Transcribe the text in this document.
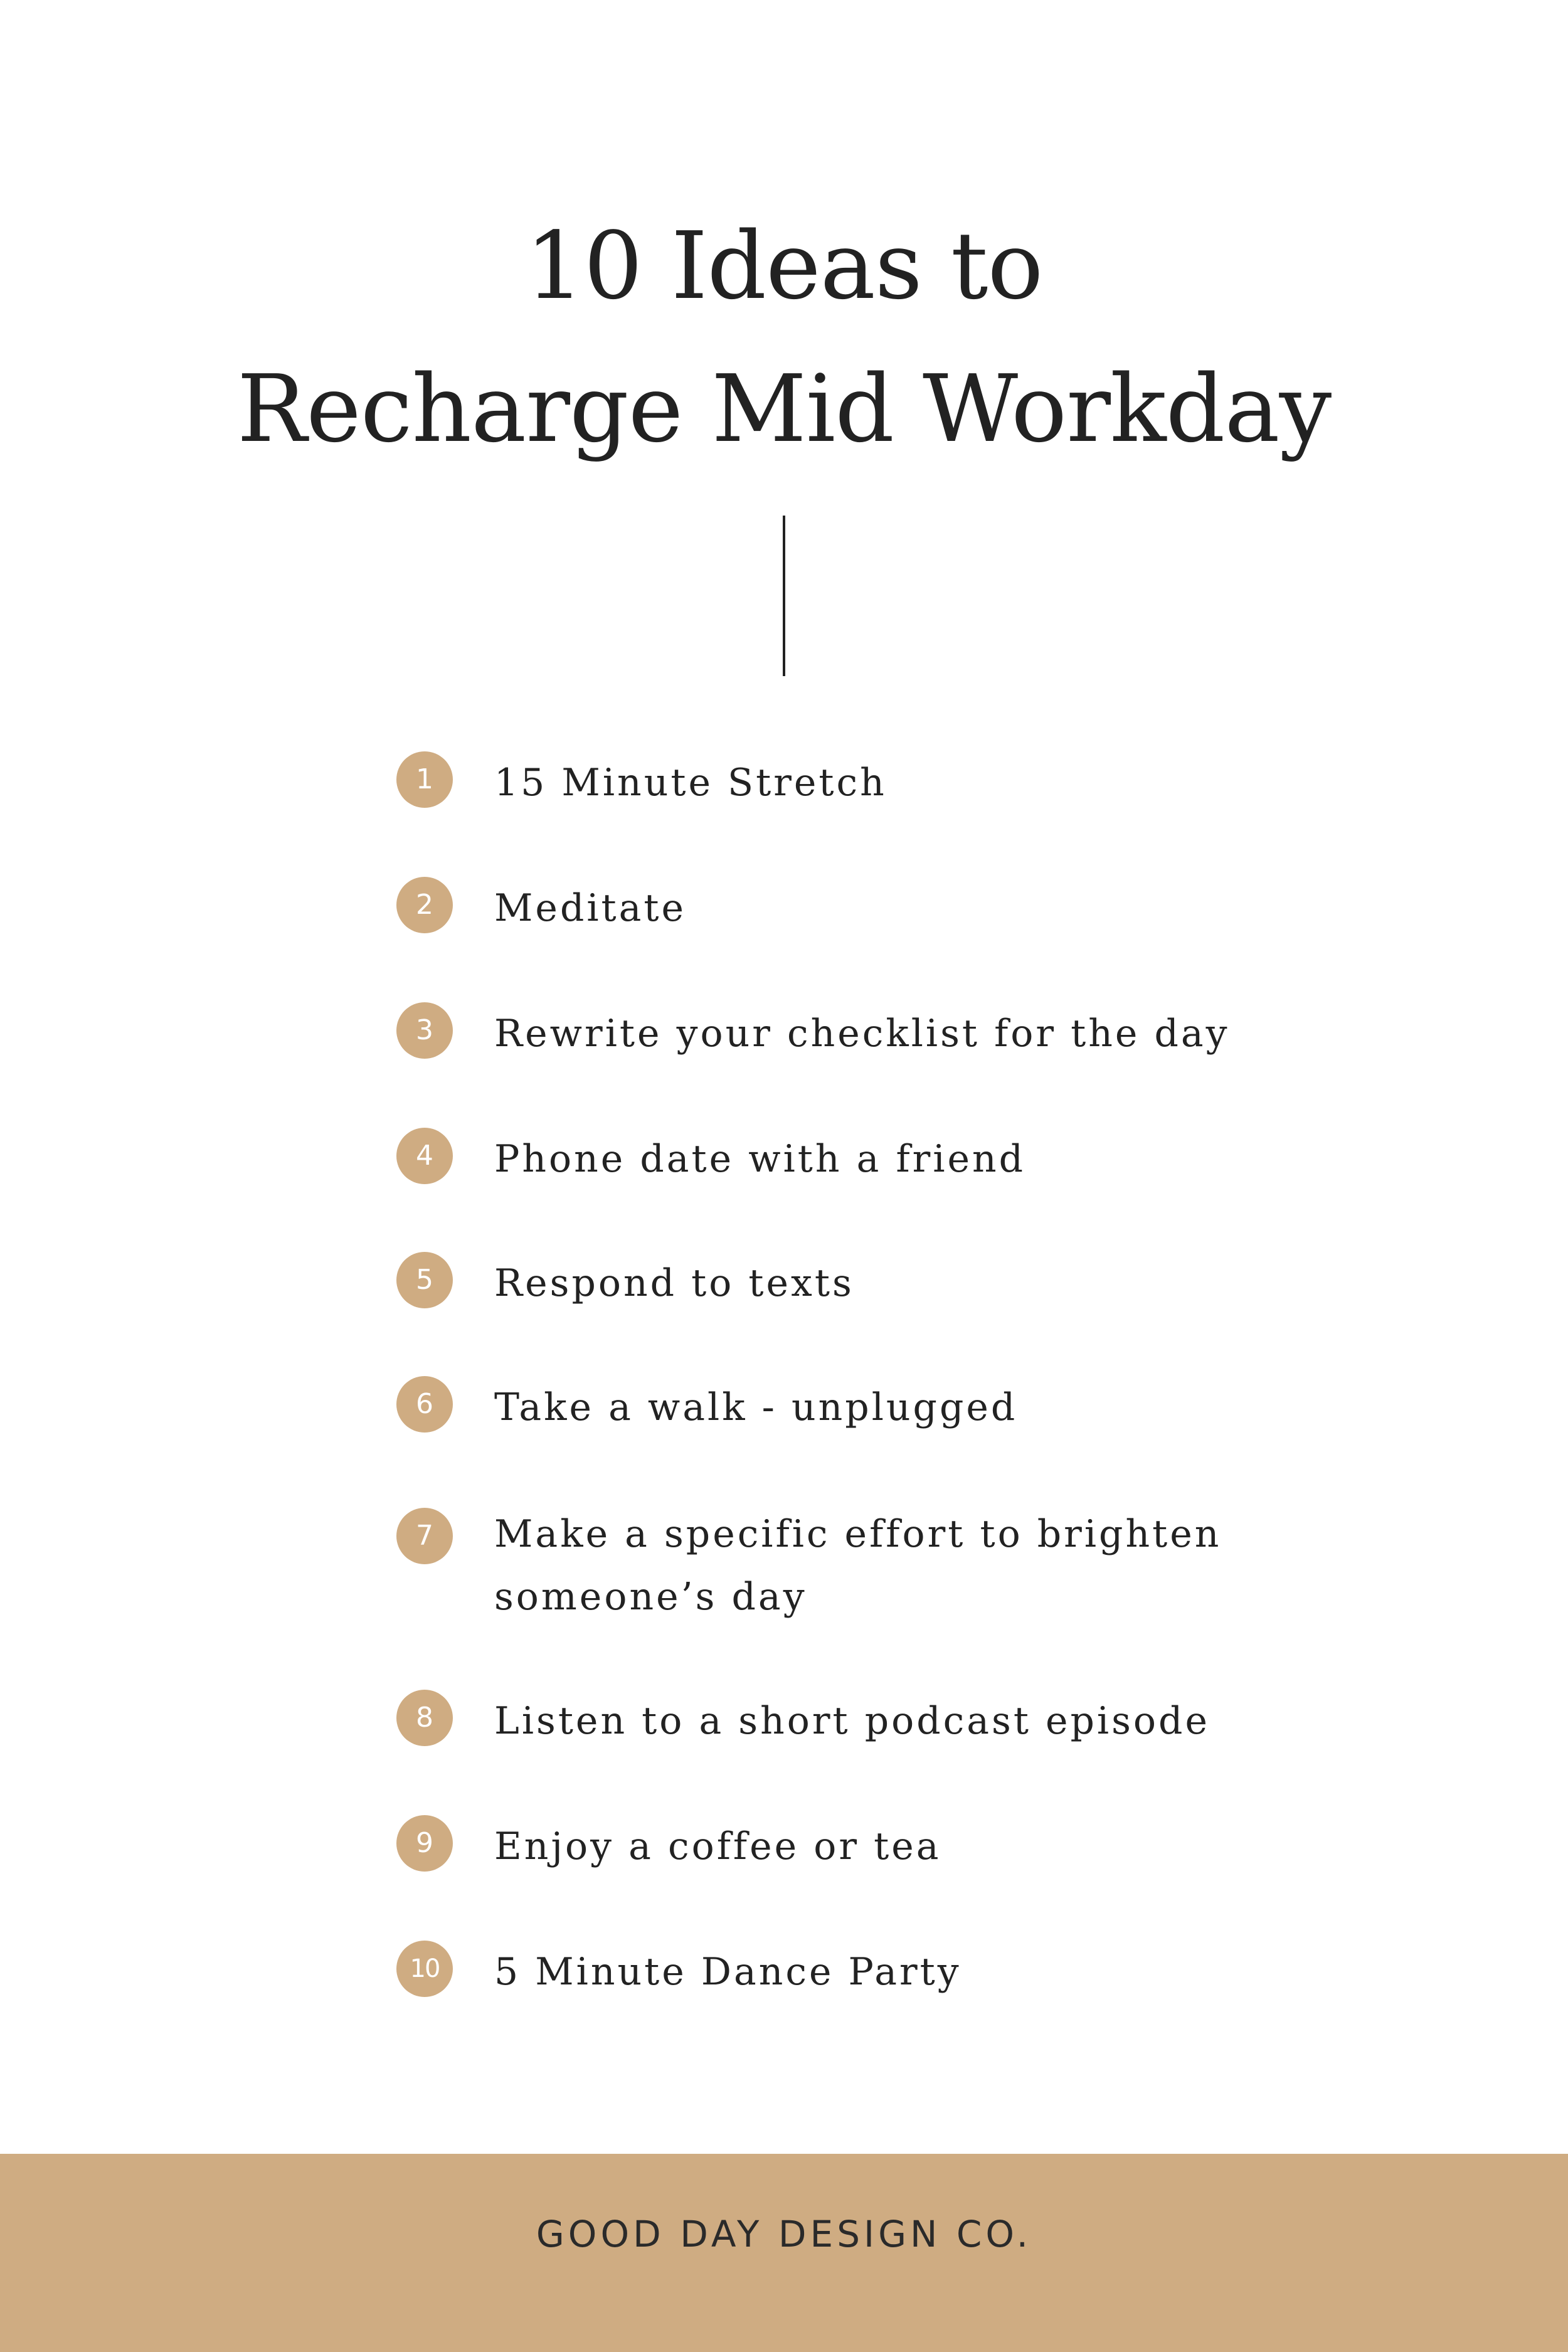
10 Ideas to
Recharge Mid Workday
1	15 Minute Stretch
2	Meditate
3	Rewrite your checklist for the day
4	Phone date with a friend
5	Respond to texts
6	Take a walk - unplugged
7	Make a specific effort to brighten someone’s day
8	Listen to a short podcast episode
9	Enjoy a coffee or tea
10	5 Minute Dance Party
GOOD DAY DESIGN CO.
